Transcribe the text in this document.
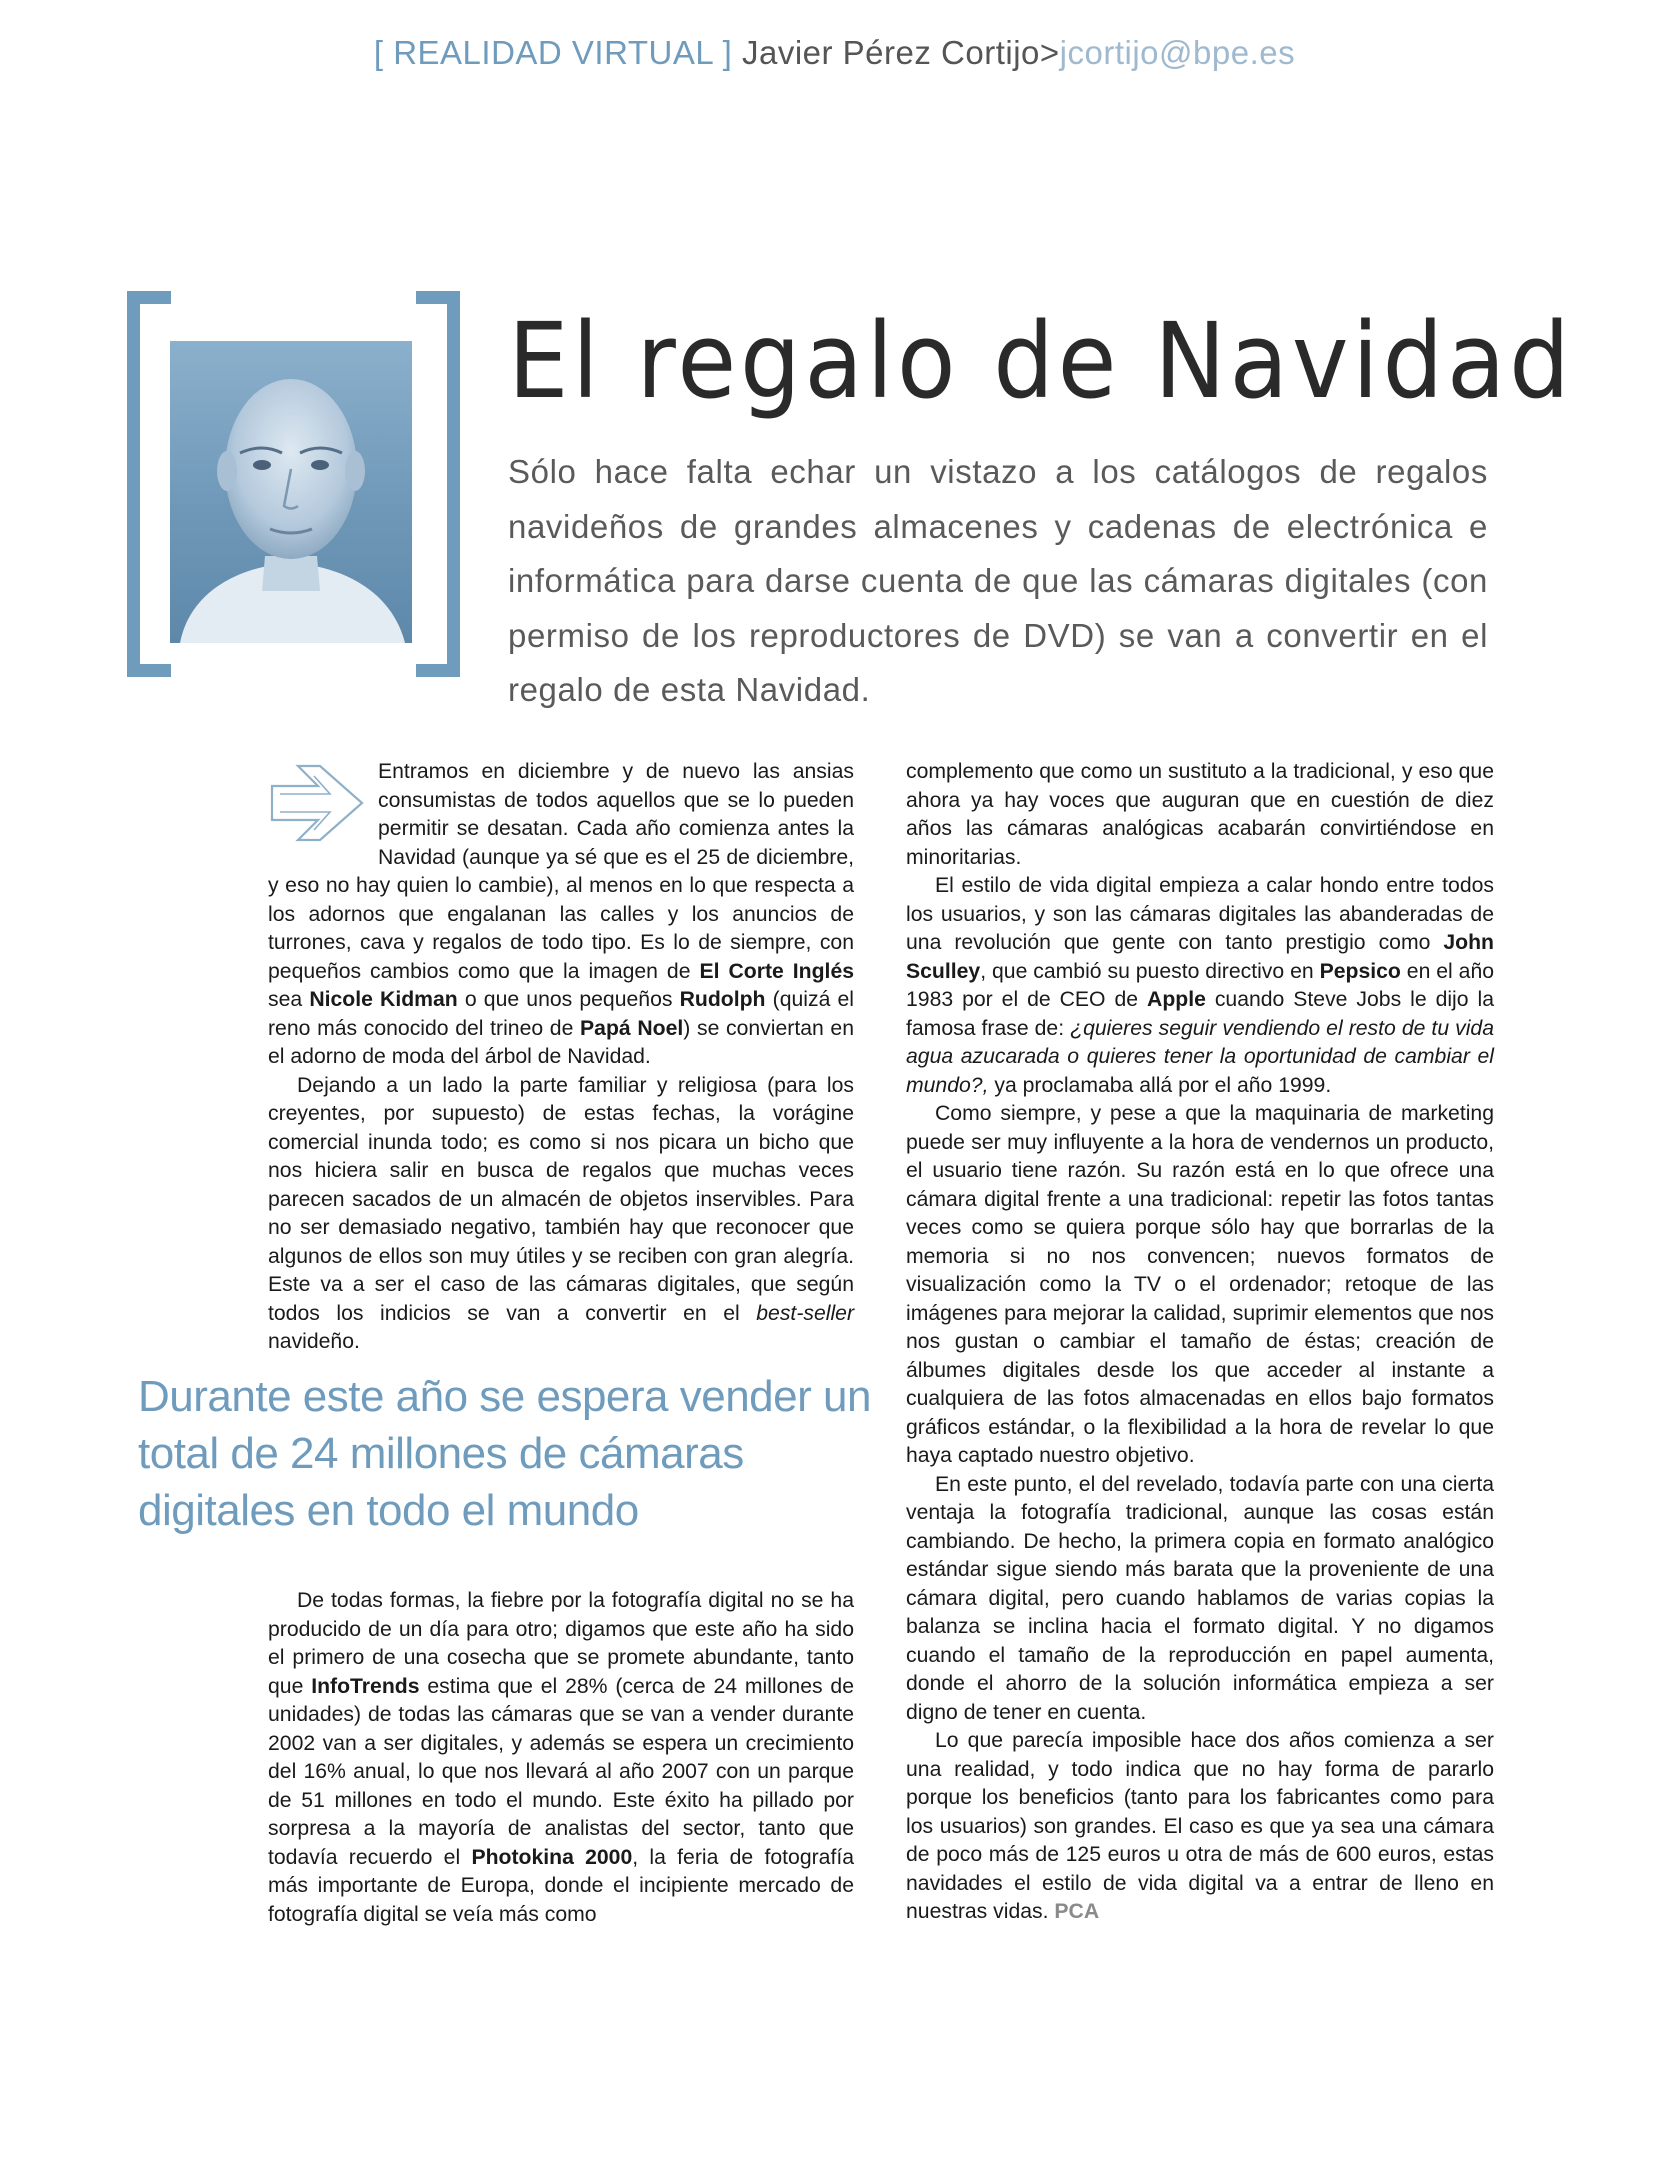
[ REALIDAD VIRTUAL ] Javier Pérez Cortijo>jcortijo@bpe.es
El regalo de Navidad

Sólo hace falta echar un vistazo a los catálogos de regalos navideños de grandes almacenes y cadenas de electrónica e informática para darse cuenta de que las cámaras digitales (con permiso de los reproductores de DVD) se van a convertir en el regalo de esta Navidad.

Entramos en diciembre y de nuevo las ansias consumistas de todos aquellos que se lo pueden permitir se desatan. Cada año comienza antes la Navidad (aunque ya sé que es el 25 de diciembre, y eso no hay quien lo cambie), al menos en lo que respecta a los adornos que engalanan las calles y los anuncios de turrones, cava y regalos de todo tipo. Es lo de siempre, con pequeños cambios como que la imagen de El Corte Inglés sea Nicole Kidman o que unos pequeños Rudolph (quizá el reno más conocido del trineo de Papá Noel) se conviertan en el adorno de moda del árbol de Navidad.

Dejando a un lado la parte familiar y religiosa (para los creyentes, por supuesto) de estas fechas, la vorágine comercial inunda todo; es como si nos picara un bicho que nos hiciera salir en busca de regalos que muchas veces parecen sacados de un almacén de objetos inservibles. Para no ser demasiado negativo, también hay que reconocer que algunos de ellos son muy útiles y se reciben con gran alegría. Este va a ser el caso de las cámaras digitales, que según todos los indicios se van a convertir en el best-seller navideño.

Durante este año se espera vender un total de 24 millones de cámaras digitales en todo el mundo

De todas formas, la fiebre por la fotografía digital no se ha producido de un día para otro; digamos que este año ha sido el primero de una cosecha que se promete abundante, tanto que InfoTrends estima que el 28% (cerca de 24 millones de unidades) de todas las cámaras que se van a vender durante 2002 van a ser digitales, y además se espera un crecimiento del 16% anual, lo que nos llevará al año 2007 con un parque de 51 millones en todo el mundo. Este éxito ha pillado por sorpresa a la mayoría de analistas del sector, tanto que todavía recuerdo el Photokina 2000, la feria de fotografía más importante de Europa, donde el incipiente mercado de fotografía digital se veía más como

complemento que como un sustituto a la tradicional, y eso que ahora ya hay voces que auguran que en cuestión de diez años las cámaras analógicas acabarán convirtiéndose en minoritarias.

El estilo de vida digital empieza a calar hondo entre todos los usuarios, y son las cámaras digitales las abanderadas de una revolución que gente con tanto prestigio como John Sculley, que cambió su puesto directivo en Pepsico en el año 1983 por el de CEO de Apple cuando Steve Jobs le dijo la famosa frase de: ¿quieres seguir vendiendo el resto de tu vida agua azucarada o quieres tener la oportunidad de cambiar el mundo?, ya proclamaba allá por el año 1999.

Como siempre, y pese a que la maquinaria de marketing puede ser muy influyente a la hora de vendernos un producto, el usuario tiene razón. Su razón está en lo que ofrece una cámara digital frente a una tradicional: repetir las fotos tantas veces como se quiera porque sólo hay que borrarlas de la memoria si no nos convencen; nuevos formatos de visualización como la TV o el ordenador; retoque de las imágenes para mejorar la calidad, suprimir elementos que nos nos gustan o cambiar el tamaño de éstas; creación de álbumes digitales desde los que acceder al instante a cualquiera de las fotos almacenadas en ellos bajo formatos gráficos estándar, o la flexibilidad a la hora de revelar lo que haya captado nuestro objetivo.

En este punto, el del revelado, todavía parte con una cierta ventaja la fotografía tradicional, aunque las cosas están cambiando. De hecho, la primera copia en formato analógico estándar sigue siendo más barata que la proveniente de una cámara digital, pero cuando hablamos de varias copias la balanza se inclina hacia el formato digital. Y no digamos cuando el tamaño de la reproducción en papel aumenta, donde el ahorro de la solución informática empieza a ser digno de tener en cuenta.

Lo que parecía imposible hace dos años comienza a ser una realidad, y todo indica que no hay forma de pararlo porque los beneficios (tanto para los fabricantes como para los usuarios) son grandes. El caso es que ya sea una cámara de poco más de 125 euros u otra de más de 600 euros, estas navidades el estilo de vida digital va a entrar de lleno en nuestras vidas. PCA
